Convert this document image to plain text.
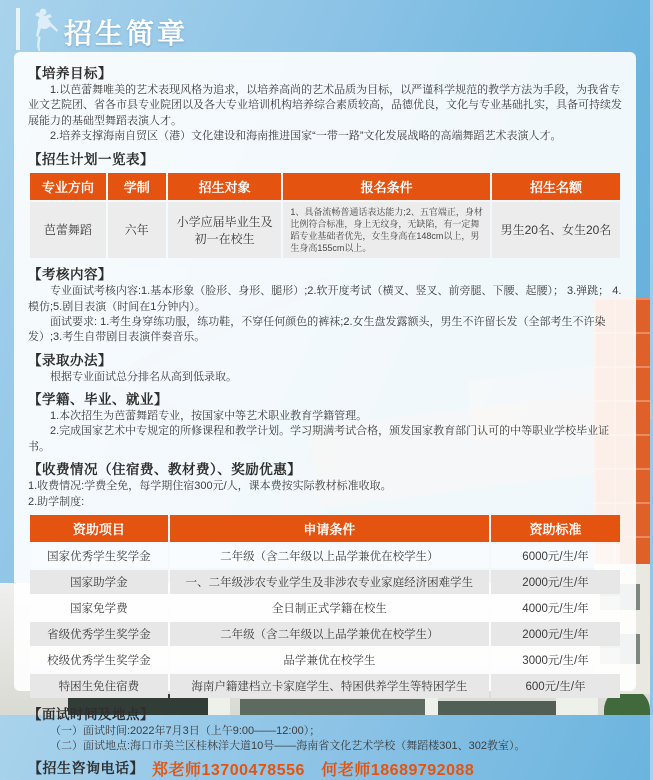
招生简章
【培养目标】

1.以芭蕾舞唯美的艺术表现风格为追求，以培养高尚的艺术品质为目标，以严谨科学规范的教学方法为手段，为我省专业文艺院团、省各市县专业院团以及各大专业培训机构培养综合素质较高，品德优良，文化与专业基础扎实，具备可持续发展能力的基础型舞蹈表演人才。

2.培养支撑海南自贸区（港）文化建设和海南推进国家“一带一路”文化发展战略的高端舞蹈艺术表演人才。

【招生计划一览表】
专业方向	学制	招生对象	报名条件	招生名额
芭蕾舞蹈	六年	小学应届毕业生及初一在校生	1、具备流畅普通话表达能力;2、五官端正，身材比例符合标准，身上无纹身，无缺陷，有一定舞蹈专业基础者优先，女生身高在148cm以上，男生身高155cm以上。	男生20名、女生20名
【考核内容】

专业面试考核内容:1.基本形象（脸形、身形、腿形）;2.软开度考试（横叉、竖叉、前旁腿、下腰、起腰）； 3.弹跳； 4.模仿;5.剧目表演（时间在1分钟内）。

面试要求: 1.考生身穿练功服，练功鞋，不穿任何颜色的裤袜;2.女生盘发露额头，男生不许留长发（全部考生不许染发）;3.考生自带剧目表演伴奏音乐。

【录取办法】

根据专业面试总分排名从高到低录取。

【学籍、毕业、就业】

1.本次招生为芭蕾舞蹈专业，按国家中等艺术职业教育学籍管理。

2.完成国家艺术中专规定的所修课程和教学计划。学习期满考试合格，颁发国家教育部门认可的中等职业学校毕业证书。

【收费情况（住宿费、教材费）、奖励优惠】

1.收费情况:学费全免，每学期住宿300元/人，课本费按实际教材标准收取。

2.助学制度:

资助项目	申请条件	资助标准
国家优秀学生奖学金	二年级（含二年级以上品学兼优在校学生）	6000元/生/年
国家助学金	一、二年级涉农专业学生及非涉农专业家庭经济困难学生	2000元/生/年
国家免学费	全日制正式学籍在校生	4000元/生/年
省级优秀学生奖学金	二年级（含二年级以上品学兼优在校学生）	2000元/生/年
校级优秀学生奖学金	品学兼优在校学生	3000元/生/年
特困生免住宿费	海南户籍建档立卡家庭学生、特困供养学生等特困学生	600元/生/年
【面试时间及地点】

（一）面试时间:2022年7月3日（上午9:00——12:00）；

（二）面试地点:海口市美兰区桂林洋大道10号——海南省文化艺术学校（舞蹈楼301、302教室）。

【招生咨询电话】 郑老师13700478556　何老师18689792088
